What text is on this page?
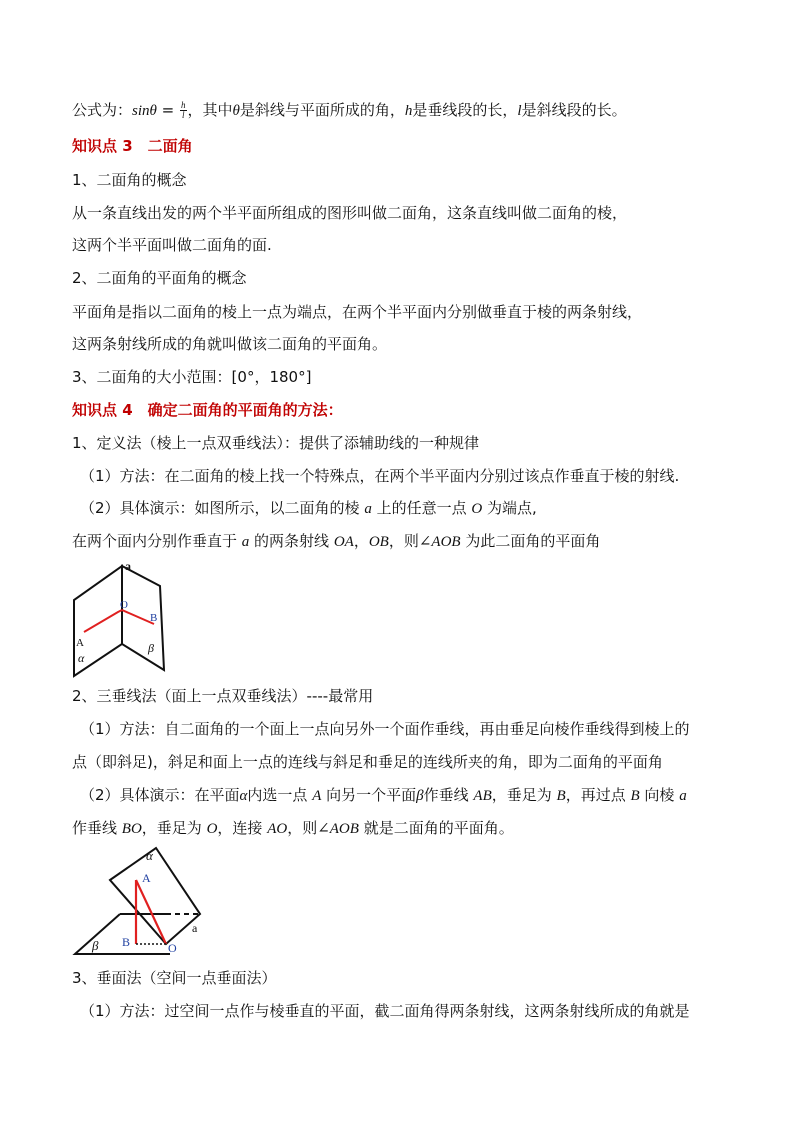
公式为：$\sin\theta = \frac{h}{l}$ ，其中θ是斜线与平面所成的角，h是垂线段的长，l是斜线段的长。
知识点 3　二面角
1、二面角的概念
从一条直线出发的两个半平面所组成的图形叫做二面角，这条直线叫做二面角的棱，
这两个半平面叫做二面角的面.
2、二面角的平面角的概念
平面角是指以二面角的棱上一点为端点，在两个半平面内分别做垂直于棱的两条射线，
这两条射线所成的角就叫做该二面角的平面角。
3、二面角的大小范围：[0°，180°]
知识点 4　确定二面角的平面角的方法：
1、定义法（棱上一点双垂线法）：提供了添辅助线的一种规律
（1）方法：在二面角的棱上找一个特殊点，在两个半平面内分别过该点作垂直于棱的射线.
（2）具体演示：如图所示，以二面角的棱 a 上的任意一点 O 为端点,
在两个面内分别作垂直于 a 的两条射线 OA，OB，则∠AOB 为此二面角的平面角
a
O
B
A
α
β
2、三垂线法（面上一点双垂线法）----最常用
（1）方法：自二面角的一个面上一点向另外一个面作垂线，再由垂足向棱作垂线得到棱上的
点（即斜足)，斜足和面上一点的连线与斜足和垂足的连线所夹的角，即为二面角的平面角
（2）具体演示：在平面α内选一点 A 向另一个平面β作垂线 AB，垂足为 B，再过点 B 向棱 a
作垂线 BO，垂足为 O，连接 AO，则∠AOB 就是二面角的平面角。
α
A
a
β B	O
3、垂面法（空间一点垂面法）
（1）方法：过空间一点作与棱垂直的平面，截二面角得两条射线，这两条射线所成的角就是
